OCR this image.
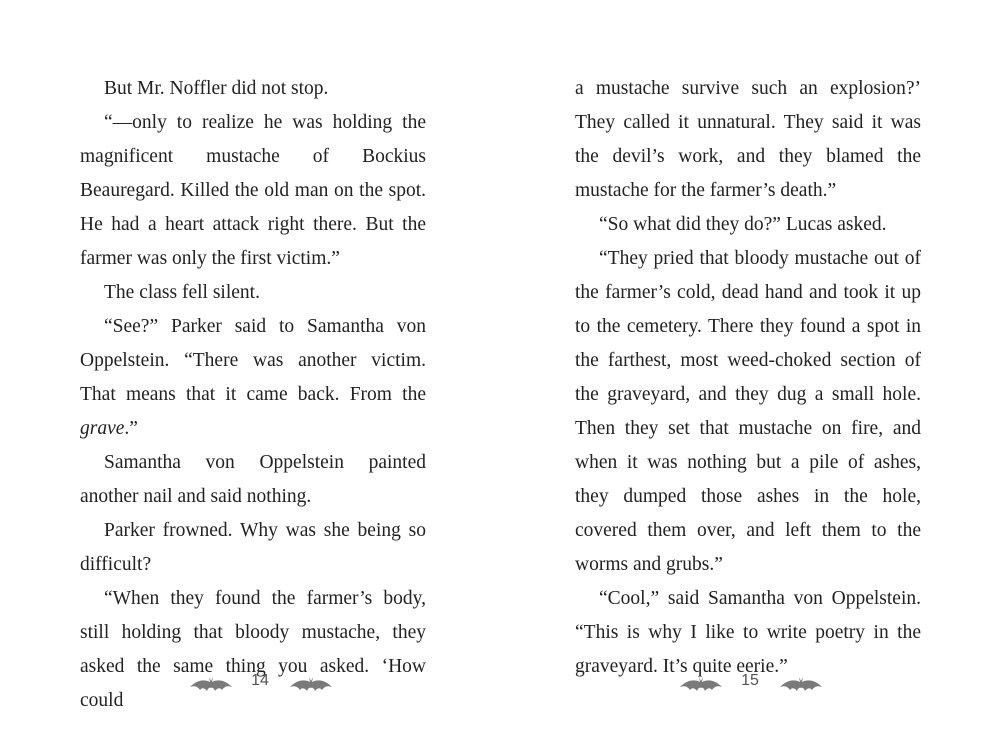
But Mr. Noffler did not stop.

“—only to realize he was holding the magnificent mustache of Bockius Beauregard. Killed the old man on the spot. He had a heart attack right there. But the farmer was only the first victim.”

The class fell silent.

“See?” Parker said to Samantha von Oppelstein. “There was another victim. That means that it came back. From the grave.”

Samantha von Oppelstein painted another nail and said nothing.

Parker frowned. Why was she being so difficult?

“When they found the farmer’s body, still holding that bloody mustache, they asked the same thing you asked. ‘How could

a mustache survive such an explosion?’ They called it unnatural. They said it was the devil’s work, and they blamed the mustache for the farmer’s death.”

“So what did they do?” Lucas asked.

“They pried that bloody mustache out of the farmer’s cold, dead hand and took it up to the cemetery. There they found a spot in the farthest, most weed-choked section of the graveyard, and they dug a small hole. Then they set that mustache on fire, and when it was nothing but a pile of ashes, they dumped those ashes in the hole, covered them over, and left them to the worms and grubs.”

“Cool,” said Samantha von Oppelstein. “This is why I like to write poetry in the graveyard. It’s quite eerie.”

14	15
